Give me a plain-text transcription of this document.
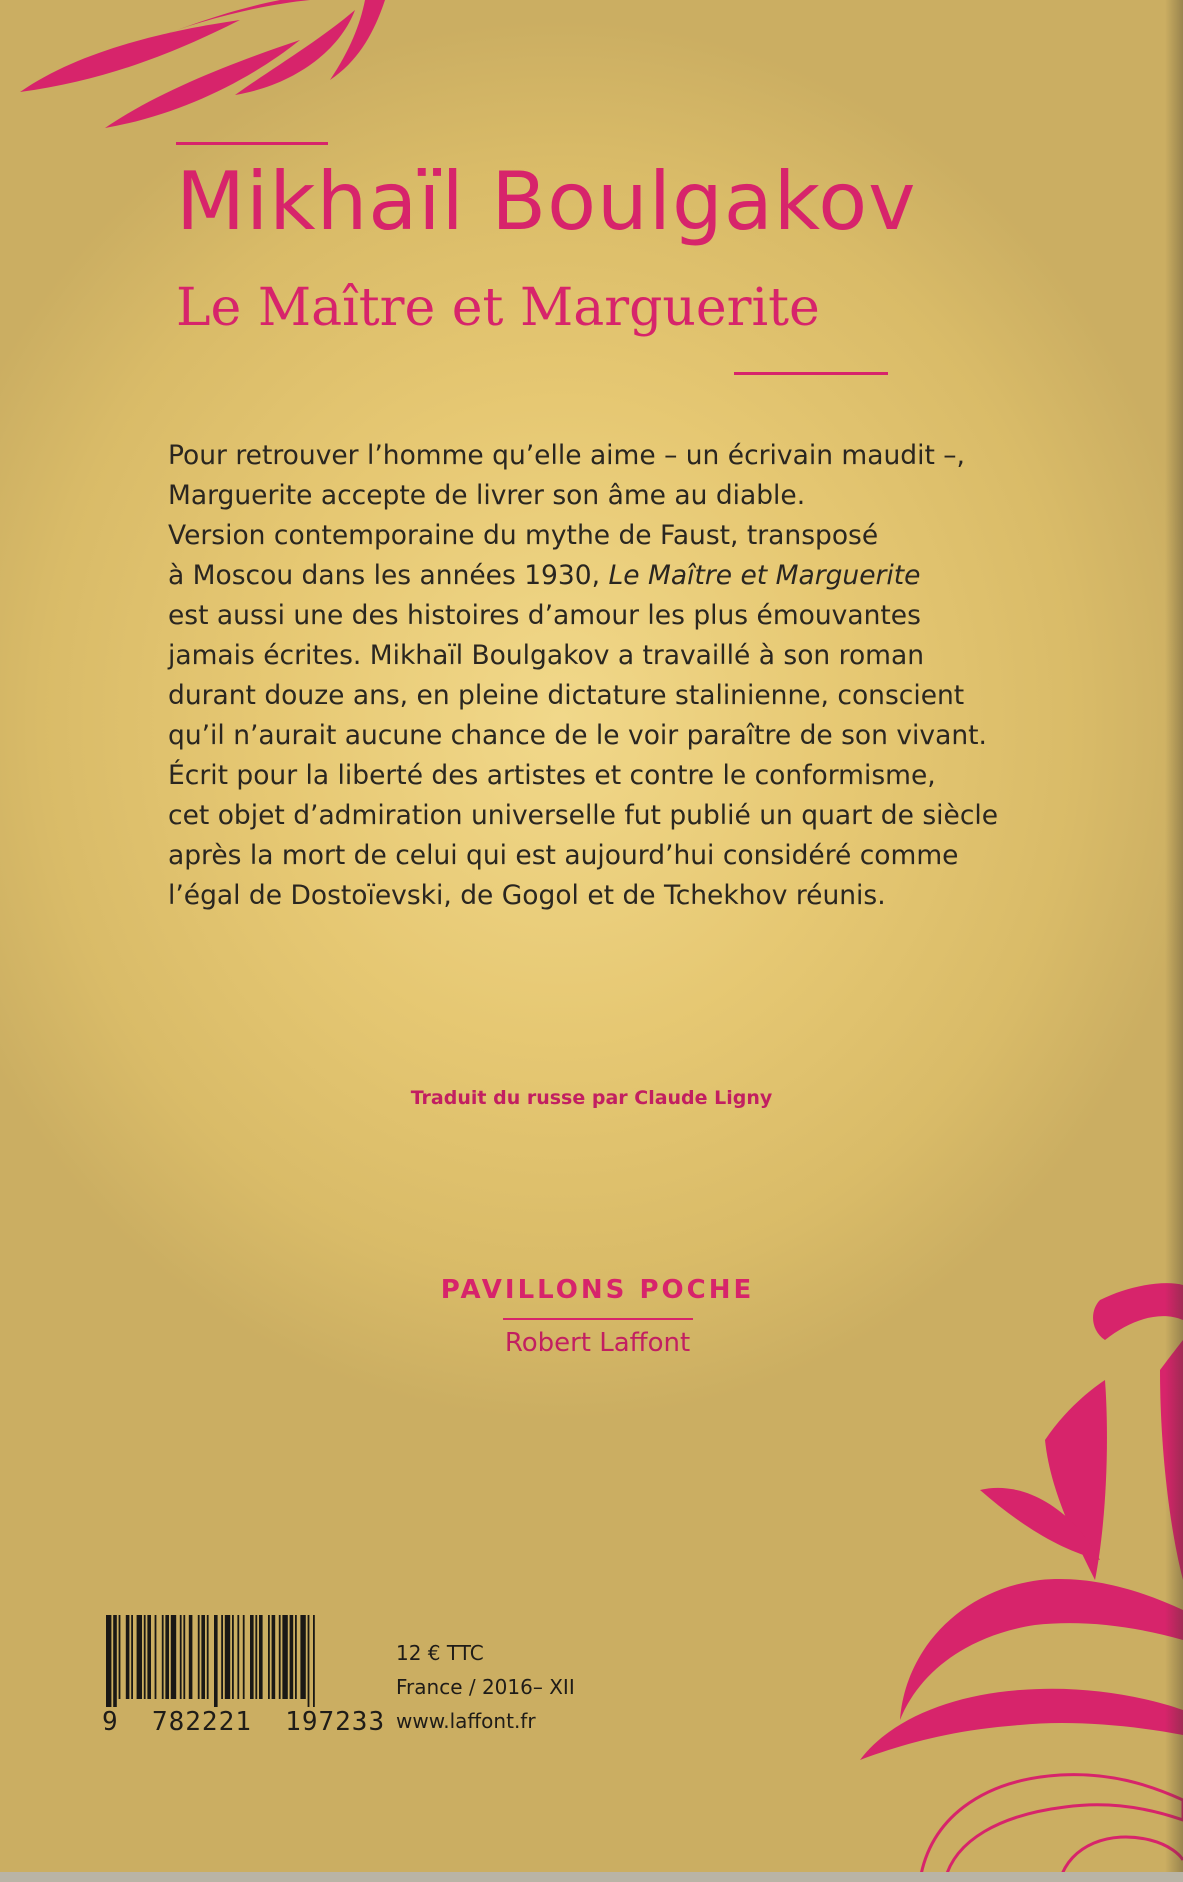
Mikhaïl Boulgakov
Le Maître et Marguerite
Pour retrouver l’homme qu’elle aime – un écrivain maudit –,
Marguerite accepte de livrer son âme au diable.
Version contemporaine du mythe de Faust, transposé
à Moscou dans les années 1930, Le Maître et Marguerite
est aussi une des histoires d’amour les plus émouvantes
jamais écrites. Mikhaïl Boulgakov a travaillé à son roman
durant douze ans, en pleine dictature stalinienne, conscient
qu’il n’aurait aucune chance de le voir paraître de son vivant.
Écrit pour la liberté des artistes et contre le conformisme,
cet objet d’admiration universelle fut publié un quart de siècle
après la mort de celui qui est aujourd’hui considéré comme
l’égal de Dostoïevski, de Gogol et de Tchekhov réunis.
Traduit du russe par Claude Ligny
PAVILLONS POCHE
Robert Laffont
9  782221  197233
12 € TTC
France / 2016– XII
www.laffont.fr
